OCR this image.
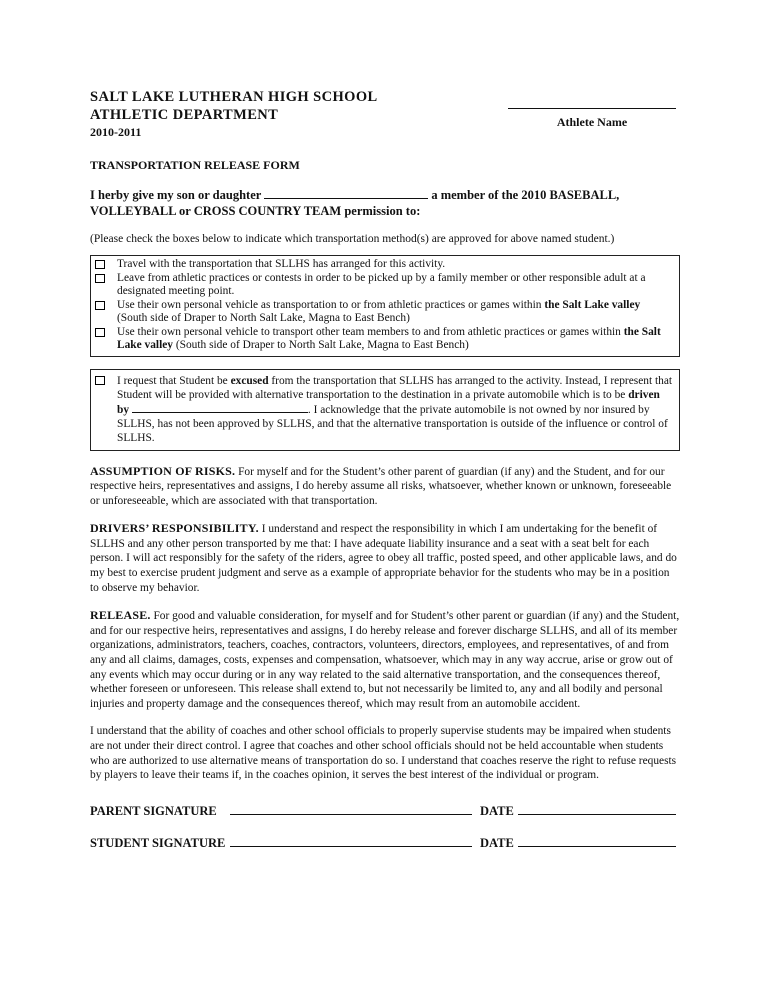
SALT LAKE LUTHERAN HIGH SCHOOL
ATHLETIC DEPARTMENT
2010-2011
Athlete Name
TRANSPORTATION RELEASE FORM
I herby give my son or daughter	a member of the 2010 BASEBALL,
VOLLEYBALL or CROSS COUNTRY TEAM permission to:
(Please check the boxes below to indicate which transportation method(s) are approved for above named student.)
Travel with the transportation that SLLHS has arranged for this activity.
Leave from athletic practices or contests in order to be picked up by a family member or other responsible adult at a designated meeting point.
Use their own personal vehicle as transportation to or from athletic practices or games within the Salt Lake valley (South side of Draper to North Salt Lake, Magna to East Bench)
Use their own personal vehicle to transport other team members to and from athletic practices or games within the Salt Lake valley (South side of Draper to North Salt Lake, Magna to East Bench)
I request that Student be excused from the transportation that SLLHS has arranged to the activity. Instead, I represent that Student will be provided with alternative transportation to the destination in a private automobile which is to be driven by	. I acknowledge that the private automobile is not owned by nor insured by SLLHS, has not been approved by SLLHS, and that the alternative transportation is outside of the influence or control of SLLHS.
ASSUMPTION OF RISKS. For myself and for the Student’s other parent of guardian (if any) and the Student, and for our respective heirs, representatives and assigns, I do hereby assume all risks, whatsoever, whether known or unknown, foreseeable or unforeseeable, which are associated with that transportation.
DRIVERS’ RESPONSIBILITY. I understand and respect the responsibility in which I am undertaking for the benefit of SLLHS and any other person transported by me that: I have adequate liability insurance and a seat with a seat belt for each person. I will act responsibly for the safety of the riders, agree to obey all traffic, posted speed, and other applicable laws, and do my best to exercise prudent judgment and serve as a example of appropriate behavior for the students who may be in a position to observe my behavior.
RELEASE. For good and valuable consideration, for myself and for Student’s other parent or guardian (if any) and the Student, and for our respective heirs, representatives and assigns, I do hereby release and forever discharge SLLHS, and all of its member organizations, administrators, teachers, coaches, contractors, volunteers, directors, employees, and representatives, of and from any and all claims, damages, costs, expenses and compensation, whatsoever, which may in any way accrue, arise or grow out of any events which may occur during or in any way related to the said alternative transportation, and the consequences thereof, whether foreseen or unforeseen. This release shall extend to, but not necessarily be limited to, any and all bodily and personal injuries and property damage and the consequences thereof, which may result from an automobile accident.
I understand that the ability of coaches and other school officials to properly supervise students may be impaired when students are not under their direct control. I agree that coaches and other school officials should not be held accountable when students who are authorized to use alternative means of transportation do so. I understand that coaches reserve the right to refuse requests by players to leave their teams if, in the coaches opinion, it serves the best interest of the individual or program.
PARENT SIGNATURE	DATE
STUDENT SIGNATURE	DATE
